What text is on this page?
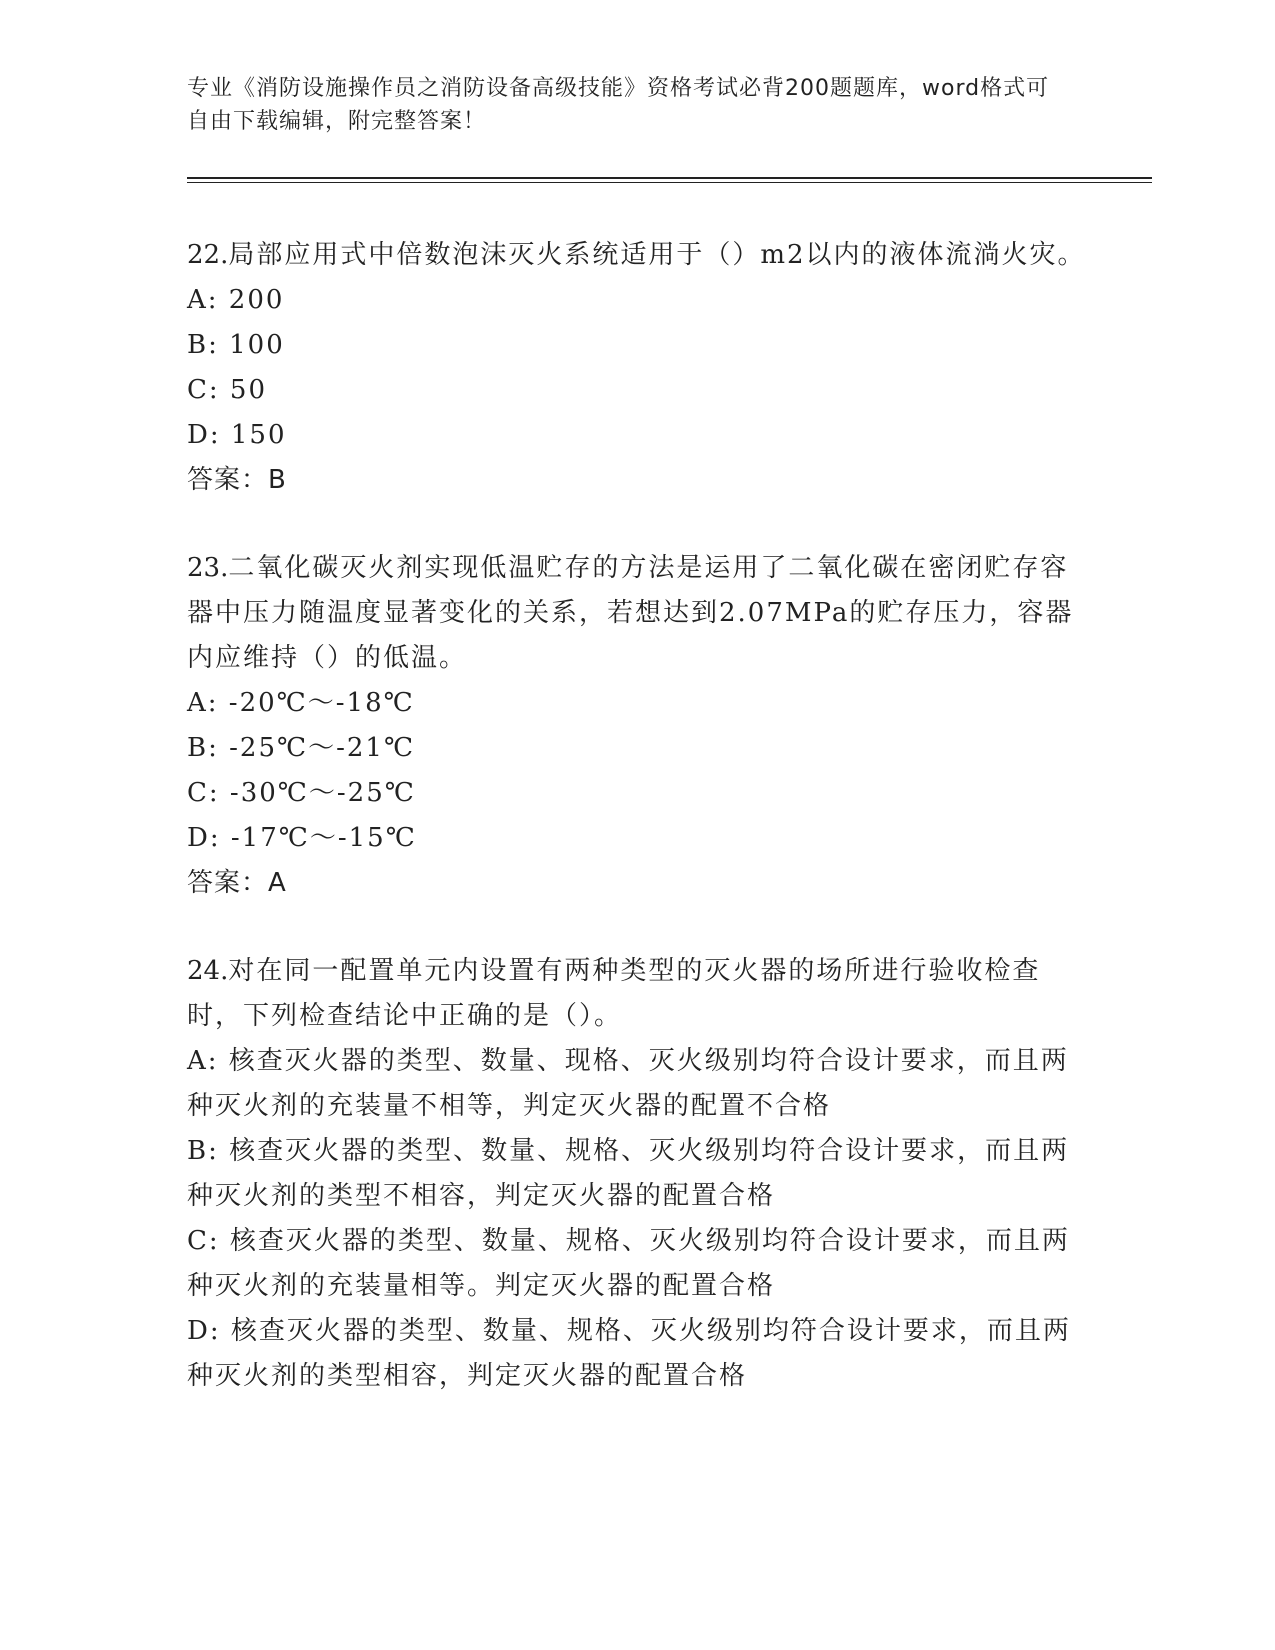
专业《消防设施操作员之消防设备高级技能》资格考试必背200题题库，word格式可自由下载编辑，附完整答案！

22.局部应用式中倍数泡沫灭火系统适用于（）m2以内的液体流淌火灾。

A: 200

B: 100

C: 50

D: 150

答案：B

23.二氧化碳灭火剂实现低温贮存的方法是运用了二氧化碳在密闭贮存容器中压力随温度显著变化的关系，若想达到2.07MPa的贮存压力，容器内应维持（）的低温。

A: -20℃～-18℃

B: -25℃～-21℃

C: -30℃～-25℃

D: -17℃～-15℃

答案：A

24.对在同一配置单元内设置有两种类型的灭火器的场所进行验收检查时，下列检查结论中正确的是（）。

A: 核查灭火器的类型、数量、现格、灭火级别均符合设计要求，而且两种灭火剂的充装量不相等，判定灭火器的配置不合格

B: 核查灭火器的类型、数量、规格、灭火级别均符合设计要求，而且两种灭火剂的类型不相容，判定灭火器的配置合格

C: 核查灭火器的类型、数量、规格、灭火级别均符合设计要求，而且两种灭火剂的充装量相等。判定灭火器的配置合格

D: 核查灭火器的类型、数量、规格、灭火级别均符合设计要求，而且两种灭火剂的类型相容，判定灭火器的配置合格
